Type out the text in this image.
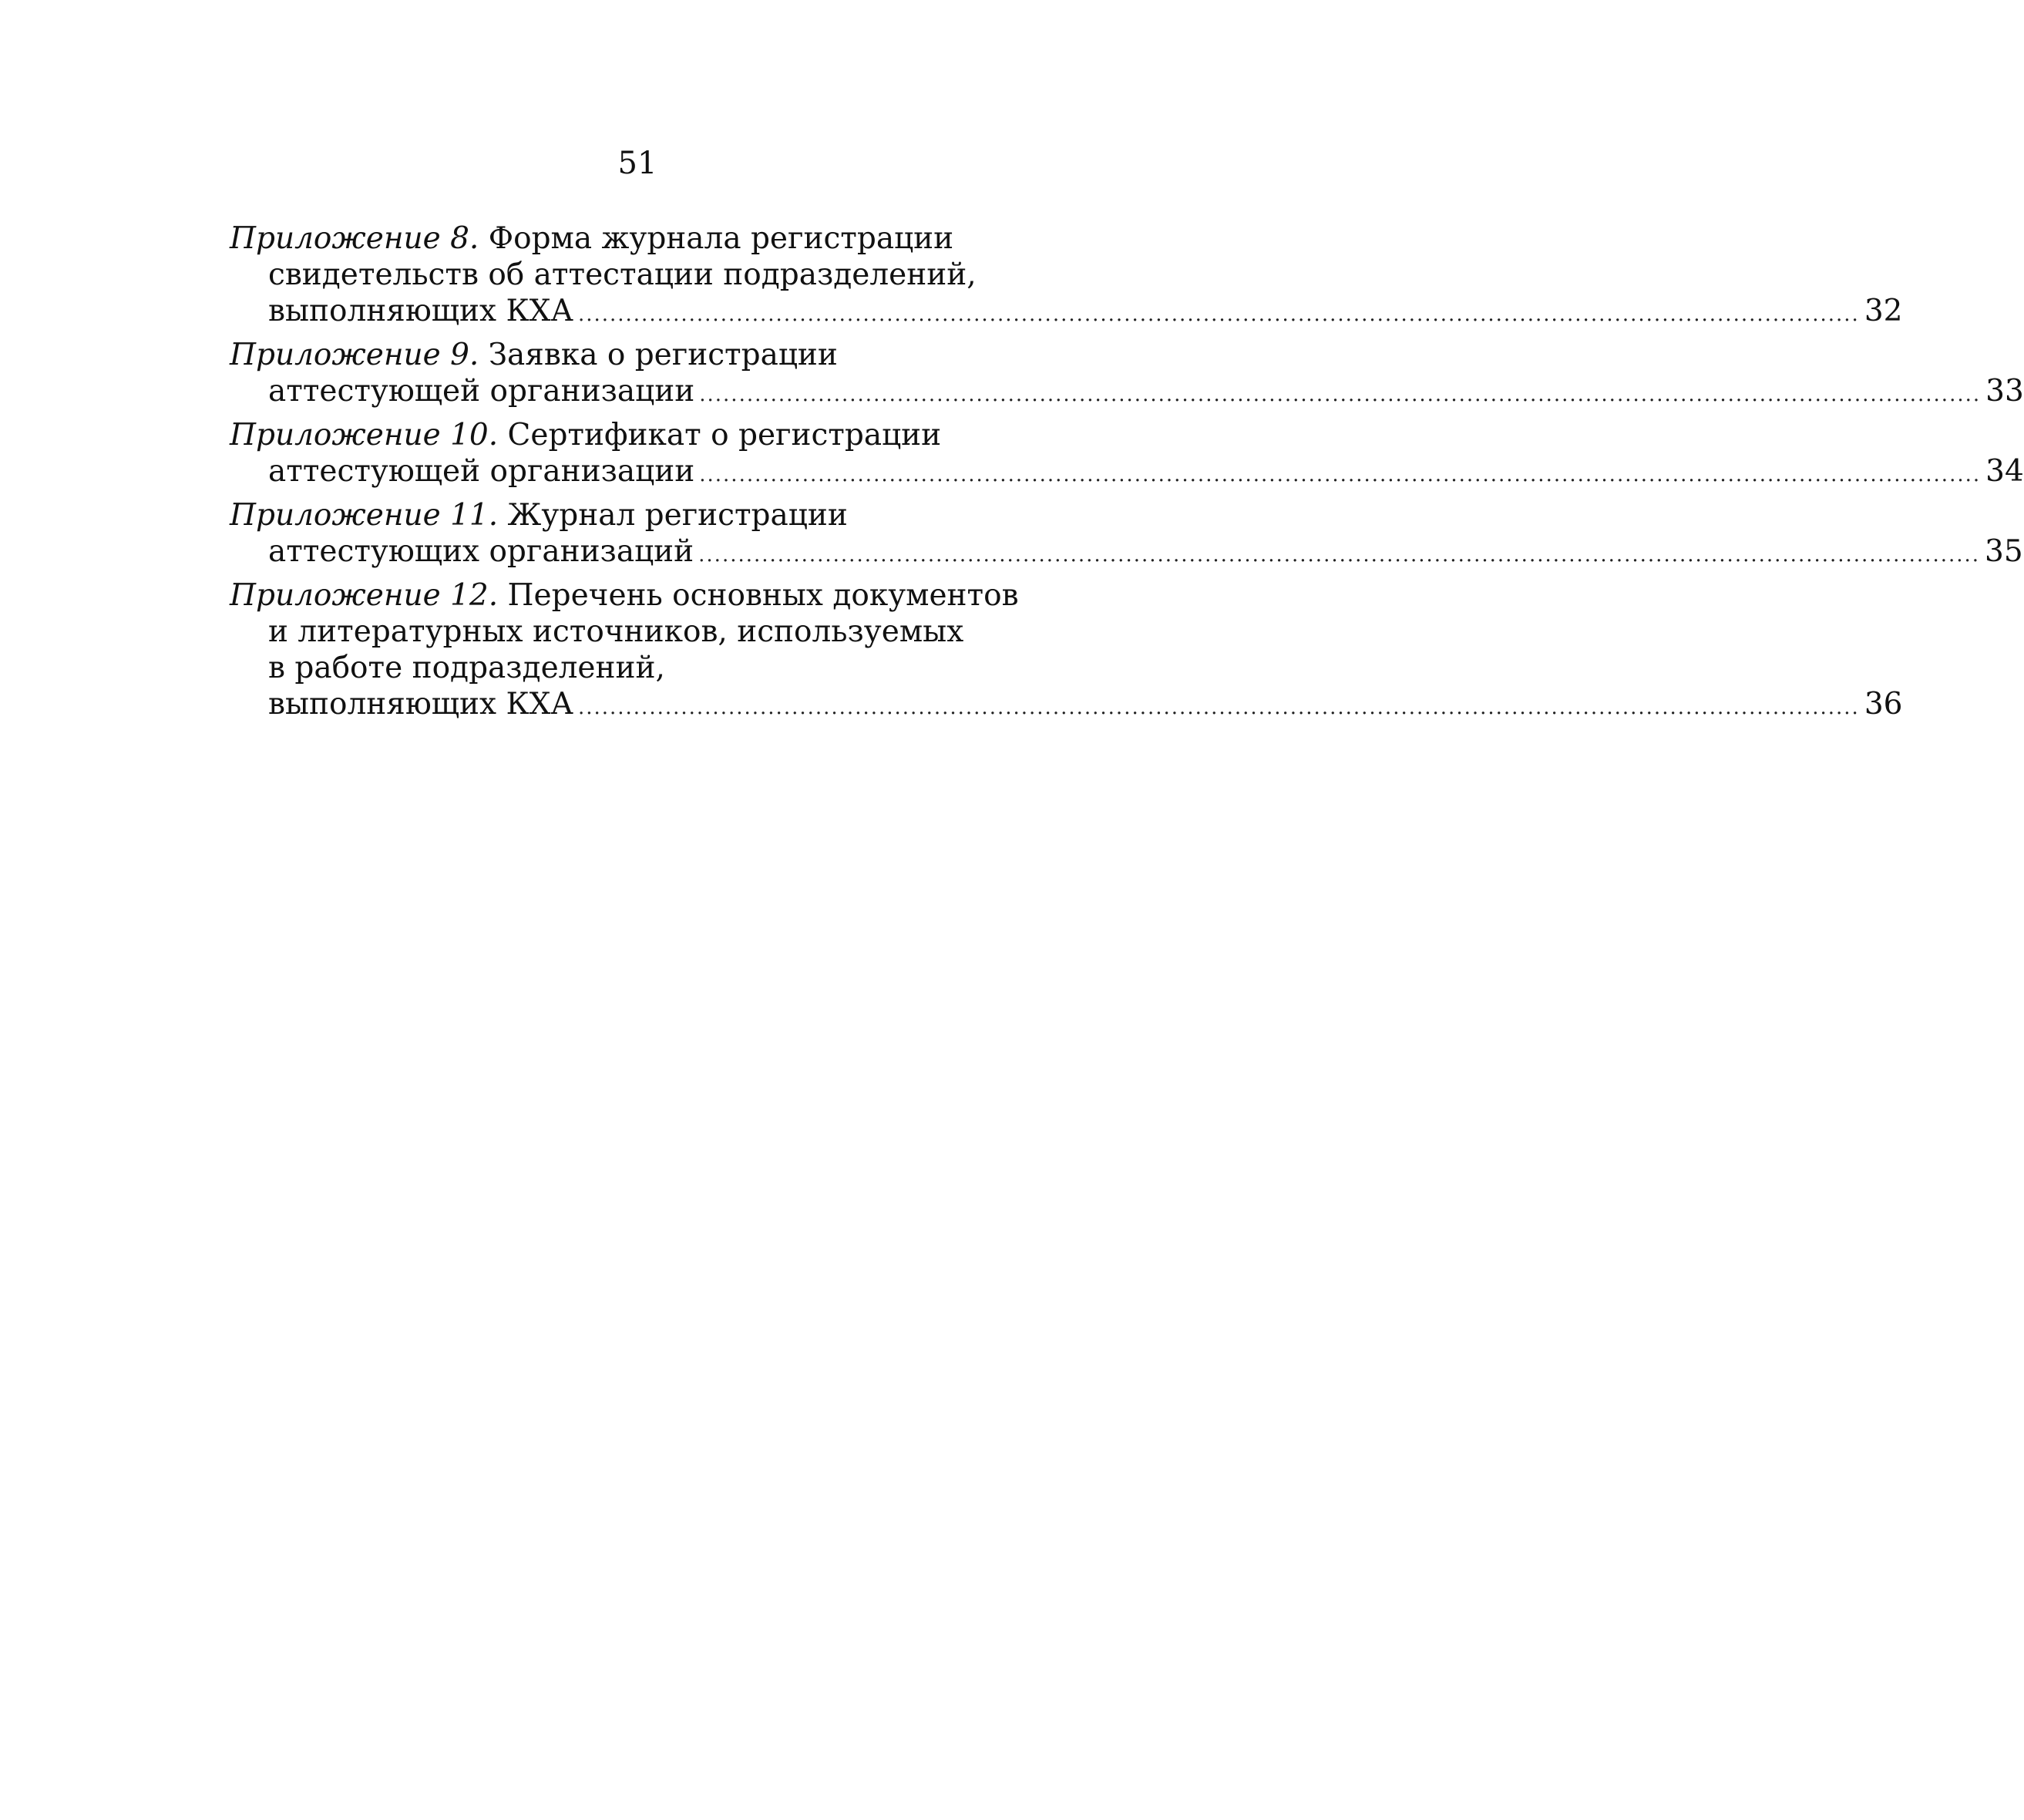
51
Приложение 8. Форма журнала регистрации
свидетельств об аттестации подразделений,
выполняющих КХА .................................................................................................................................................................. 32
Приложение 9. Заявка о регистрации
аттестующей организации .................................................................................................................................................................. 33
Приложение 10. Сертификат о регистрации
аттестующей организации .................................................................................................................................................................. 34
Приложение 11. Журнал регистрации
аттестующих организаций .................................................................................................................................................................. 35
Приложение 12. Перечень основных документов
и литературных источников, используемых
в работе подразделений,
выполняющих КХА .................................................................................................................................................................. 36
